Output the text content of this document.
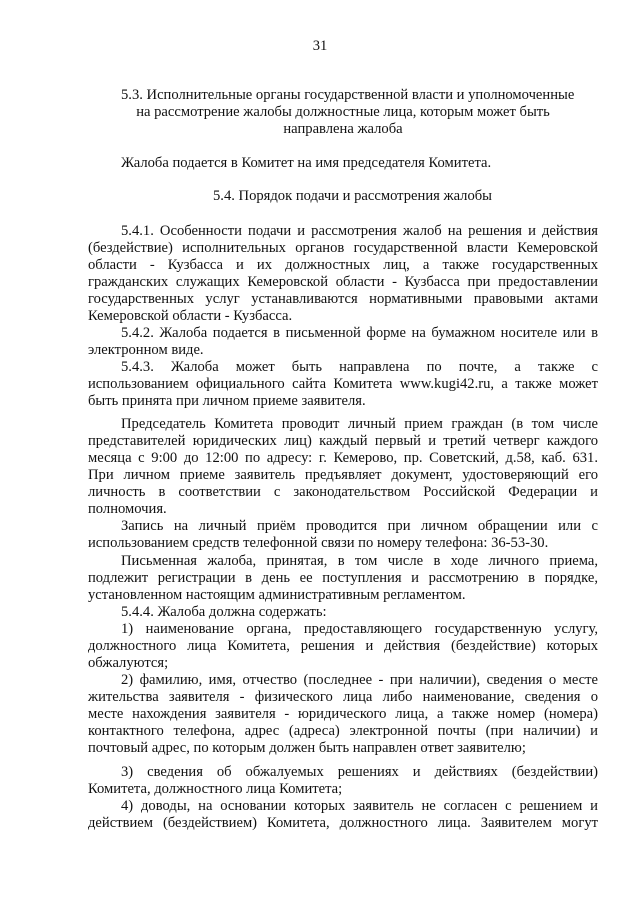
31
5.3. Исполнительные органы государственной власти и уполномоченные
на рассмотрение жалобы должностные лица, которым может быть
направлена жалоба
Жалоба подается в Комитет на имя председателя Комитета.
5.4. Порядок подачи и рассмотрения жалобы
5.4.1. Особенности подачи и рассмотрения жалоб на решения и действия
(бездействие) исполнительных органов государственной власти Кемеровской
области - Кузбасса и их должностных лиц, а также государственных
гражданских служащих Кемеровской области - Кузбасса при предоставлении
государственных услуг устанавливаются нормативными правовыми актами
Кемеровской области - Кузбасса.
5.4.2. Жалоба подается в письменной форме на бумажном носителе или в
электронном виде.
5.4.3. Жалоба может быть направлена по почте, а также с
использованием официального сайта Комитета www.kugi42.ru, а также может
быть принята при личном приеме заявителя.
Председатель Комитета проводит личный прием граждан (в том числе
представителей юридических лиц) каждый первый и третий четверг каждого
месяца с 9:00 до 12:00 по адресу: г. Кемерово, пр. Советский, д.58, каб. 631.
При личном приеме заявитель предъявляет документ, удостоверяющий его
личность в соответствии с законодательством Российской Федерации и
полномочия.
Запись на личный приём проводится при личном обращении или с
использованием средств телефонной связи по номеру телефона: 36-53-30.
Письменная жалоба, принятая, в том числе в ходе личного приема,
подлежит регистрации в день ее поступления и рассмотрению в порядке,
установленном настоящим административным регламентом.
5.4.4. Жалоба должна содержать:
1) наименование органа, предоставляющего государственную услугу,
должностного лица Комитета, решения и действия (бездействие) которых
обжалуются;
2) фамилию, имя, отчество (последнее - при наличии), сведения о месте
жительства заявителя - физического лица либо наименование, сведения о
месте нахождения заявителя - юридического лица, а также номер (номера)
контактного телефона, адрес (адреса) электронной почты (при наличии) и
почтовый адрес, по которым должен быть направлен ответ заявителю;
3) сведения об обжалуемых решениях и действиях (бездействии)
Комитета, должностного лица Комитета;
4) доводы, на основании которых заявитель не согласен с решением и
действием (бездействием) Комитета, должностного лица. Заявителем могут
